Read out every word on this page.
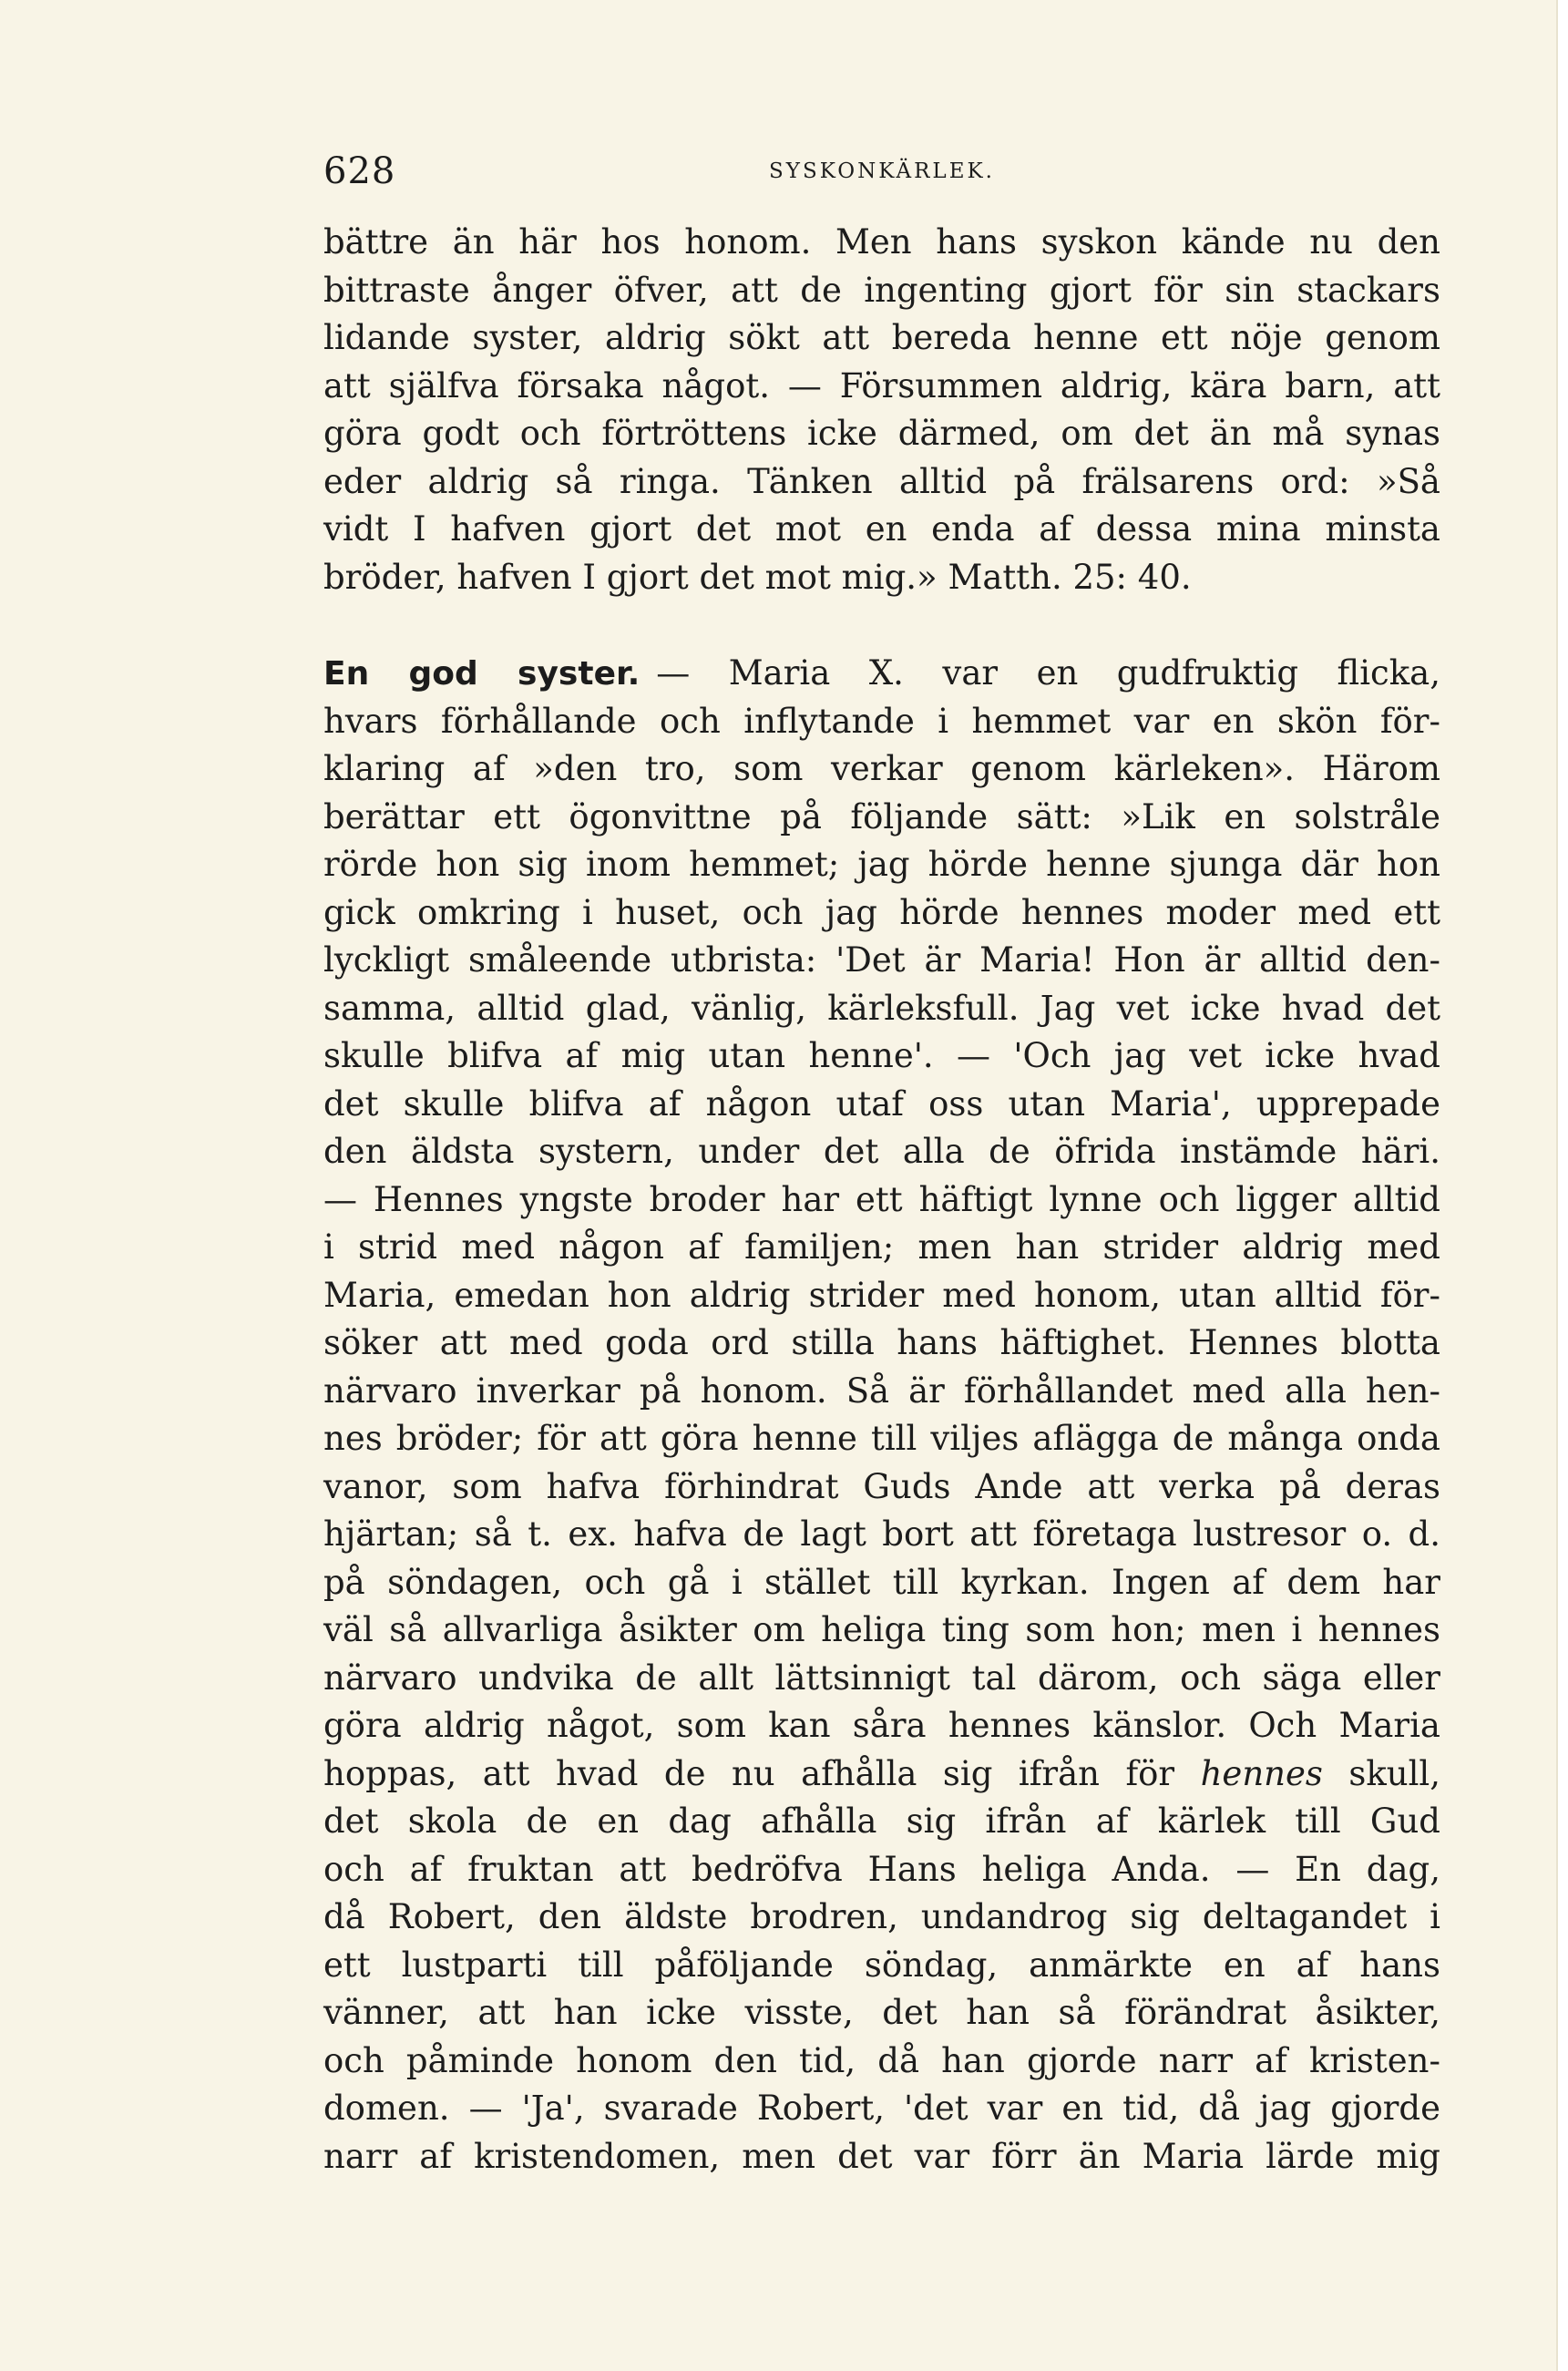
628	SYSKONKÄRLEK.
bättre än här hos honom. Men hans syskon kände nu den
bittraste ånger öfver, att de ingenting gjort för sin stackars
lidande syster, aldrig sökt att bereda henne ett nöje genom
att själfva försaka något. — Försummen aldrig, kära barn, att
göra godt och förtröttens icke därmed, om det än må synas
eder aldrig så ringa. Tänken alltid på frälsarens ord: »Så
vidt I hafven gjort det mot en enda af dessa mina minsta
bröder, hafven I gjort det mot mig.» Matth. 25: 40.
En god syster. — Maria X. var en gudfruktig flicka,
hvars förhållande och inflytande i hemmet var en skön för-
klaring af »den tro, som verkar genom kärleken». Härom
berättar ett ögonvittne på följande sätt: »Lik en solstråle
rörde hon sig inom hemmet; jag hörde henne sjunga där hon
gick omkring i huset, och jag hörde hennes moder med ett
lyckligt småleende utbrista: 'Det är Maria! Hon är alltid den-
samma, alltid glad, vänlig, kärleksfull. Jag vet icke hvad det
skulle blifva af mig utan henne'. — 'Och jag vet icke hvad
det skulle blifva af någon utaf oss utan Maria', upprepade
den äldsta systern, under det alla de öfrida instämde häri.
— Hennes yngste broder har ett häftigt lynne och ligger alltid
i strid med någon af familjen; men han strider aldrig med
Maria, emedan hon aldrig strider med honom, utan alltid för-
söker att med goda ord stilla hans häftighet. Hennes blotta
närvaro inverkar på honom. Så är förhållandet med alla hen-
nes bröder; för att göra henne till viljes aflägga de många onda
vanor, som hafva förhindrat Guds Ande att verka på deras
hjärtan; så t. ex. hafva de lagt bort att företaga lustresor o. d.
på söndagen, och gå i stället till kyrkan. Ingen af dem har
väl så allvarliga åsikter om heliga ting som hon; men i hennes
närvaro undvika de allt lättsinnigt tal därom, och säga eller
göra aldrig något, som kan såra hennes känslor. Och Maria
hoppas, att hvad de nu afhålla sig ifrån för hennes skull,
det skola de en dag afhålla sig ifrån af kärlek till Gud
och af fruktan att bedröfva Hans heliga Anda. — En dag,
då Robert, den äldste brodren, undandrog sig deltagandet i
ett lustparti till påföljande söndag, anmärkte en af hans
vänner, att han icke visste, det han så förändrat åsikter,
och påminde honom den tid, då han gjorde narr af kristen-
domen. — 'Ja', svarade Robert, 'det var en tid, då jag gjorde
narr af kristendomen, men det var förr än Maria lärde mig
